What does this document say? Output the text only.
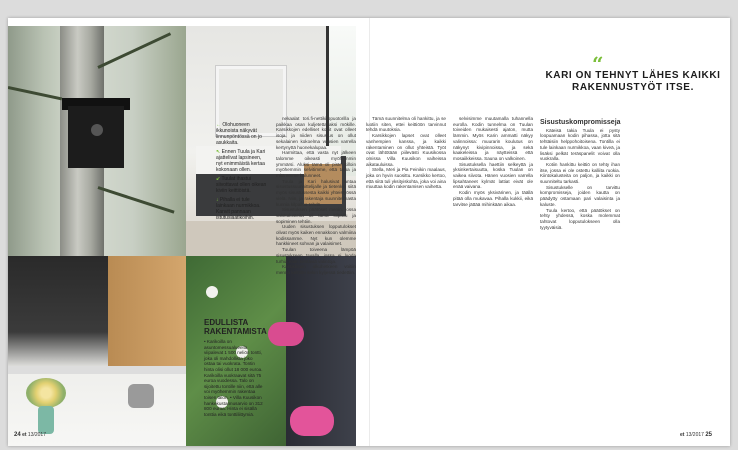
← Olohuoneen ikkunoista näkyvät linnunpöntössä on jo asukkaita.
↖ Ennen Tuula ja Kari ajattelivat lapsineen, nyt enimmäistä kertaa kokonaan ollen.
↙ Tuulat ihastui siivottavat ollen oikean kiviin keittiöistä.
↓ Pihalla ei tule lainkaan nurmikkoa. Kanvit pannaan istutuslaatikoihin.
EDULLISTA RAKENTAMISTA
• Karikoilla on asuntomessualueella viipalevat 1 500 neliön tontti, joka oli mahdollista joko ostaa tai vuokrata. Tontin hinta olisi ollut 18 000 euroa. Karikoilla vuokraavat sitä 75 euroa vuodessa. Talo on sijoitettu tontille niin, että alle voi myöhemmin rakentaa toisen talon. • Villa Kuusikon hankekustannusarvio on 312 800 euroa. Hinta ei sisällä tonttia eikä tonttiliittymiä.
“
KARI ON TEHNYT LÄHES KAIKKI RAKENNUSTYÖT ITSE.

nekaalat tori.fi-nettikirppuotorilla ja paikkaa osan kuljetettavaksi mökille. Karsikkojen edelliset kodit ovat olleet isoja, ja niiden sisustus on ollut sekalainen kokoelma vuosien varrella kertynyttä huonekalupaa.

Harmittaa, että vasta nyt jälkeen talomme oikeasti myöhemmin ymmärsi. Aluksi tämä oli piste silloin myöhemmin selvitimme, että taloa ja mitä emme halunneet.

Tuula ja Kari halusivat antaa sisustussuunnittelijalle ja tietenkin siitä myös sisustuksesta kaikki yhteistyössä vielä. Niin, ja rakentaja suunnitelmasta kunnia kilpailua tehdä.

Sisustuksen päätöset menin, jossa valokalusteita oli tämä kilpailu ja sopiminen tehtiin.

Uuden sisustuksen lopputulokset olivat myös kaiken ennakkoon valmiina kodissamme. Nyt kun olemme hankkineet sohvan ja valaisimet.

Tuulan toiveena lämpöä sisustukseen tavalla, jossa ei luoda turhia vaan kestäviä valintoja.

Karsikkojen alkuhetkeen voitiin mennä keittiön sekin kyljessä tiedettiin.

Tämä suunnitelma oli hankittu, ja se luotiin siten, ettei keittiöön tarvinnut tehdä muutoksia.

Karsikkojen lapset ovat olleet vanhempien kanssa, ja kaikki rakentaminen on ollut yhteistä. Työt ovat lähtötään piilevästi Kuusikossa omissa Villa Kuusikon vaiheissa aikatauluissa.

Stella, Meri ja Pia Feinikin maalaus, joka on hyvin suosittu. Karsikko kertoo, että siitä tuli yksityiskohta, joka voi aina muuttaa kodin rakentamisen vaihetta.

selvisimme muutamalla tuhannella eurolla. Kodin tunnelma on Tuulan toiveiden mukaisesti ajaton, mutta lämmin. Myös Karin ammatti näkyy valinnoissa: muurarin koulutus on näkynyt kivipinnoissa, ja sekä kaakeleissa ja näytteissä että mosaiikkeissa. Sauna on valkoinen.

Sisustuksella haettiin selkeyttä ja yksinkertaisuutta, koska Tuulan on vaikea siivota. Hänen vuosien varrella lipsahtaneet kylmät lattiat eivät ole enää vaivana.

Kodin myös yksivärinen, ja täällä pitää olla mukavaa. Pihalla kukkii, eikä tarvitse jättää mihinkään aikaa.

Sisustuskompromisseja

Käteisä takia Tuula ei pysty loopuamaan kodin pihassa, jotta sitä tehtäisiin helppohoitoisena. Tontilla ei tule lainkaan nurmikkoa, vaan kiveä, ja lisäksi pelkät teräspanelit voivat olla vuokralla.

Kotiin hankittu keittiö on tehty ihan itse, jossa ei ole ostettu kalliita ruokia. Kiintokalusteita on paljon, ja kaikki on suunniteltu tarkasti.

Sisustukselle on tarvittu kompromisseja, joiden kautta on päädytty ostamaan pari valaisinta ja kaluste.

Tuula kertoo, että päätökset on tehty yhdessä, koska molemmat tahtovat lopputulokseen olla tyytyväisiä.

24 et 13/2017	et 13/2017 25
